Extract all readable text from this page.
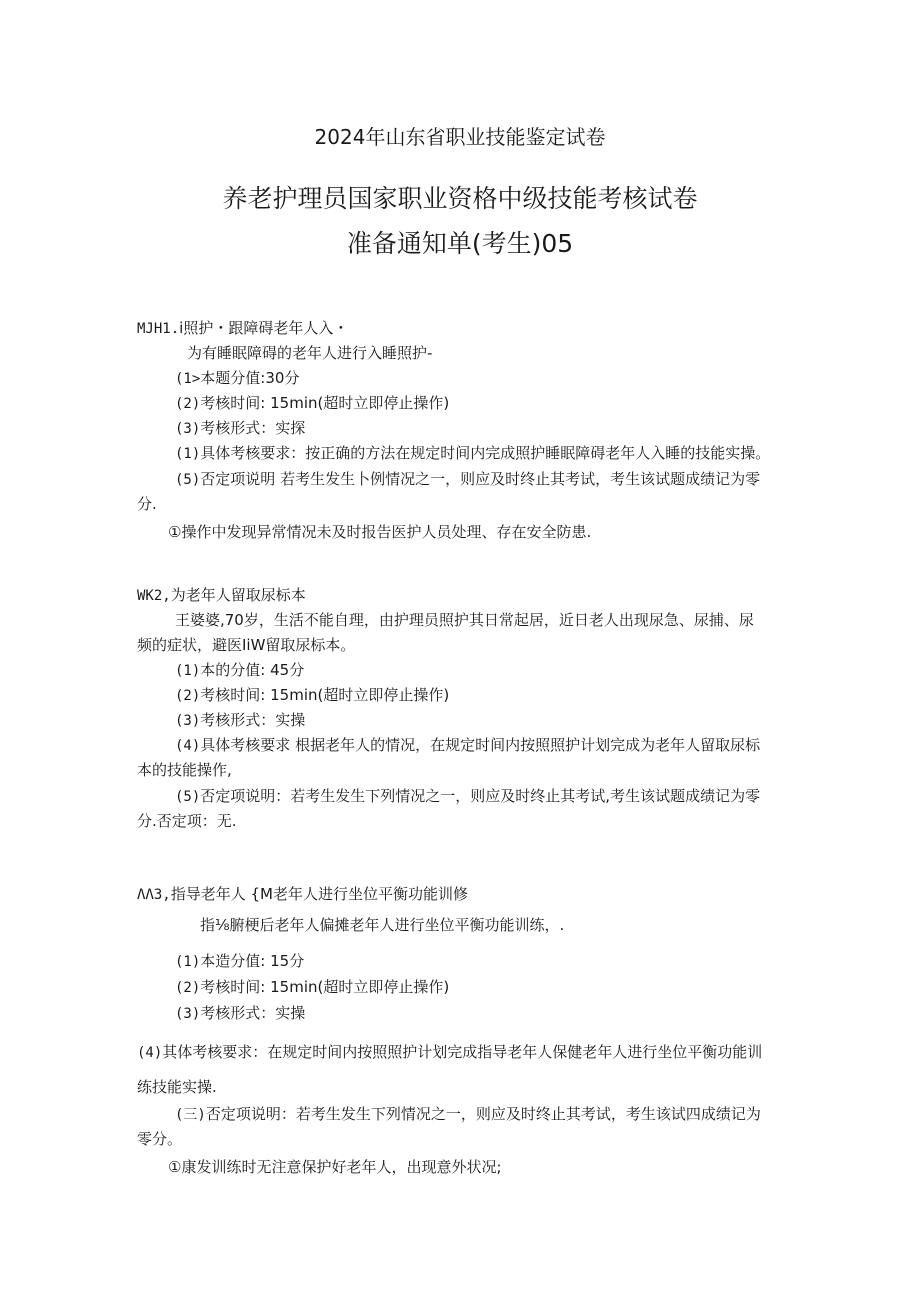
2024年山东省职业技能鉴定试卷
养老护理员国家职业资格中级技能考核试卷
准备通知单(考生)05
MJH1.i照护・跟障碍老年人入・
为有睡眠障碍的老年人进行入睡照护-
(1>本题分值:30分
(2)考核时间: 15min(超时立即停止操作)
(3)考核形式：实探
(1)具体考核要求：按正确的方法在规定时间内完成照护睡眠障碍老年人入睡的技能实操。
(5)否定项说明 若考生发生卜例情况之一，则应及时终止其考试，考生该试题成绩记为零
分.
①操作中发现异常情况未及时报告医护人员处理、存在安全防患.
WK2,为老年人留取尿标本
王婆婆,70岁，生活不能自理，由护理员照护其日常起居，近日老人出现尿急、尿捕、尿
频的症状，避医IiW留取尿标本。
(1)本的分值: 45分
(2)考核时间: 15min(超时立即停止操作)
(3)考核形式：实操
(4)具体考核要求 根据老年人的情况，在规定时间内按照照护计划完成为老年人留取尿标
本的技能操作,
(5)否定项说明：若考生发生下列情况之一，则应及时终止其考试,考生该试题成绩记为零
分.否定项：无.
ΛΛ3,指导老年人 {M老年人进行坐位平衡功能训修
指⅛腑梗后老年人偏摊老年人进行坐位平衡功能训练，.
(1)本造分值: 15分
(2)考核时间: 15min(超时立即停止操作)
(3)考核形式：实操
(4)其体考核要求：在规定时间内按照照护计划完成指导老年人保健老年人进行坐位平衡功能训
练技能实操.
(三)否定项说明：若考生发生下列情况之一，则应及时终止其考试，考生该试四成绩记为
零分。
①康发训练时无注意保护好老年人，出现意外状况;
